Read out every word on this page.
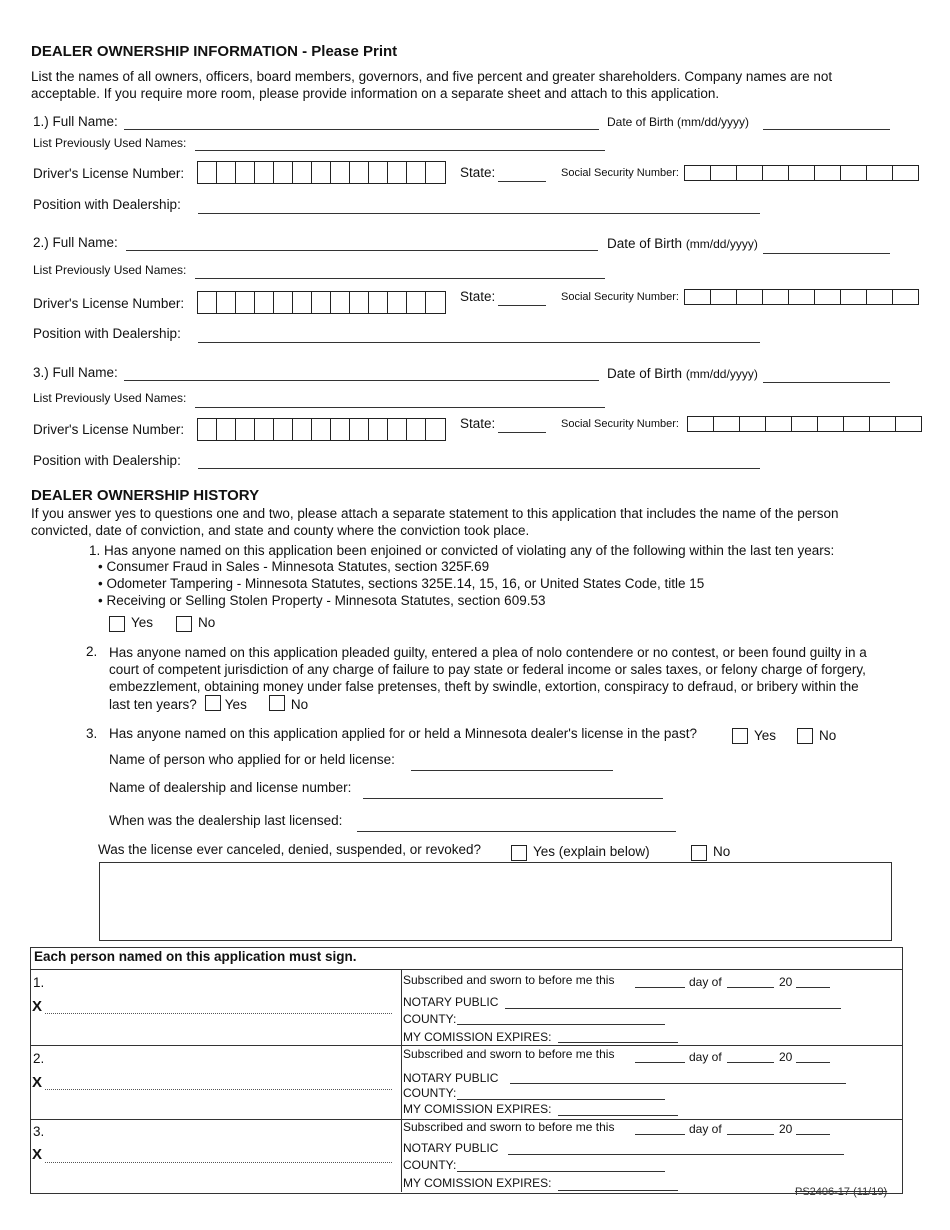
DEALER OWNERSHIP INFORMATION - Please Print
List the names of all owners, officers, board members, governors, and five percent and greater shareholders. Company names are not acceptable. If you require more room, please provide information on a separate sheet and attach to this application.
1.) Full Name:	Date of Birth (mm/dd/yyyy)
List Previously Used Names:
Driver's License Number:	State:	Social Security Number:
Position with Dealership:
2.) Full Name:	Date of Birth (mm/dd/yyyy)
List Previously Used Names:
Driver's License Number:	State:	Social Security Number:
Position with Dealership:
3.) Full Name:	Date of Birth (mm/dd/yyyy)
List Previously Used Names:
Driver's License Number:	State:	Social Security Number:
Position with Dealership:
DEALER OWNERSHIP HISTORY
If you answer yes to questions one and two, please attach a separate statement to this application that includes the name of the person convicted, date of conviction, and state and county where the conviction took place.
1. Has anyone named on this application been enjoined or convicted of violating any of the following within the last ten years:
• Consumer Fraud in Sales - Minnesota Statutes, section 325F.69
• Odometer Tampering - Minnesota Statutes, sections 325E.14, 15, 16, or United States Code, title 15
• Receiving or Selling Stolen Property - Minnesota Statutes, section 609.53
Yes	No
2. Has anyone named on this application pleaded guilty, entered a plea of nolo contendere or no contest, or been found guilty in a court of competent jurisdiction of any charge of failure to pay state or federal income or sales taxes, or felony charge of forgery, embezzlement, obtaining money under false pretenses, theft by swindle, extortion, conspiracy to defraud, or bribery within the last ten years? Yes	No
3. Has anyone named on this application applied for or held a Minnesota dealer's license in the past?	Yes	No
Name of person who applied for or held license:
Name of dealership and license number:
When was the dealership last licensed:
Was the license ever canceled, denied, suspended, or revoked?	Yes (explain below)	No
Each person named on this application must sign.
1.
X
Subscribed and sworn to before me this	day of	20
NOTARY PUBLIC
COUNTY:
MY COMISSION EXPIRES:
2.
X
Subscribed and sworn to before me this	day of	20
NOTARY PUBLIC
COUNTY:
MY COMISSION EXPIRES:
3.
X
Subscribed and sworn to before me this	day of	20
NOTARY PUBLIC
COUNTY:
MY COMISSION EXPIRES:
PS2406-17 (11/19)
